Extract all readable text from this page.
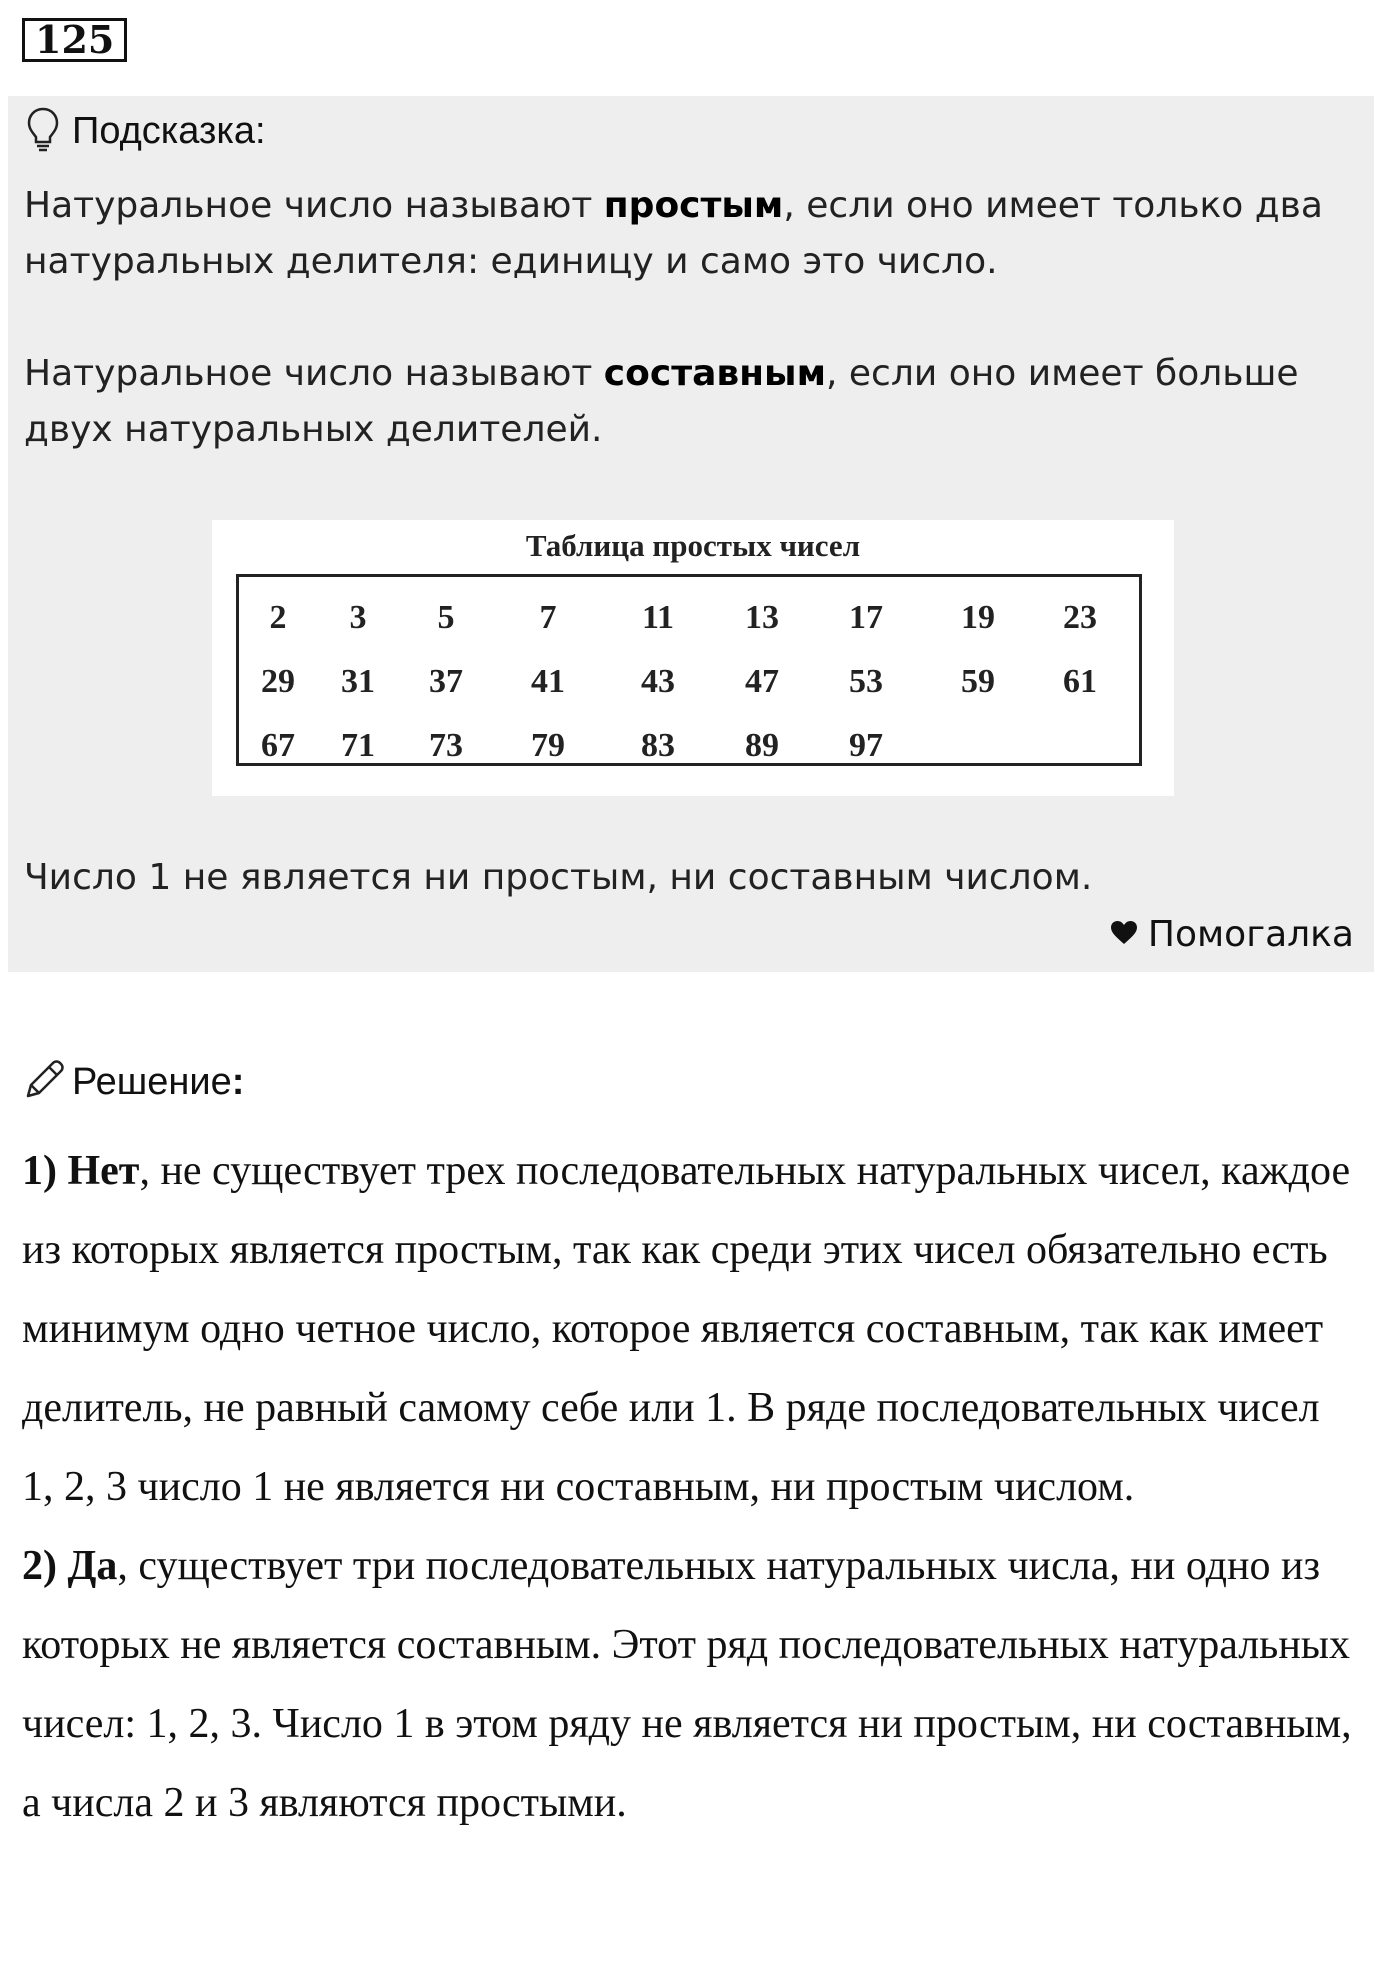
125
Подсказка:
Натуральное число называют простым, если оно имеет только два натуральных делителя: единицу и само это число.
Натуральное число называют составным, если оно имеет больше двух натуральных делителей.
Таблица простых чисел
2	3	5	7	11	13	17	19	23
29	31	37	41	43	47	53	59	61
67	71	73	79	83	89	97
Число 1 не является ни простым, ни составным числом.
Помогалка
Решение:

1) Нет, не существует трех последовательных натуральных чисел, каждое из которых является простым, так как среди этих чисел обязательно есть минимум одно четное число, которое является составным, так как имеет делитель, не равный самому себе или 1. В ряде последовательных чисел 1, 2, 3 число 1 не является ни составным, ни простым числом.

2) Да, существует три последовательных натуральных числа, ни одно из которых не является составным. Этот ряд последовательных натуральных чисел: 1, 2, 3. Число 1 в этом ряду не является ни простым, ни составным, а числа 2 и 3 являются простыми.
